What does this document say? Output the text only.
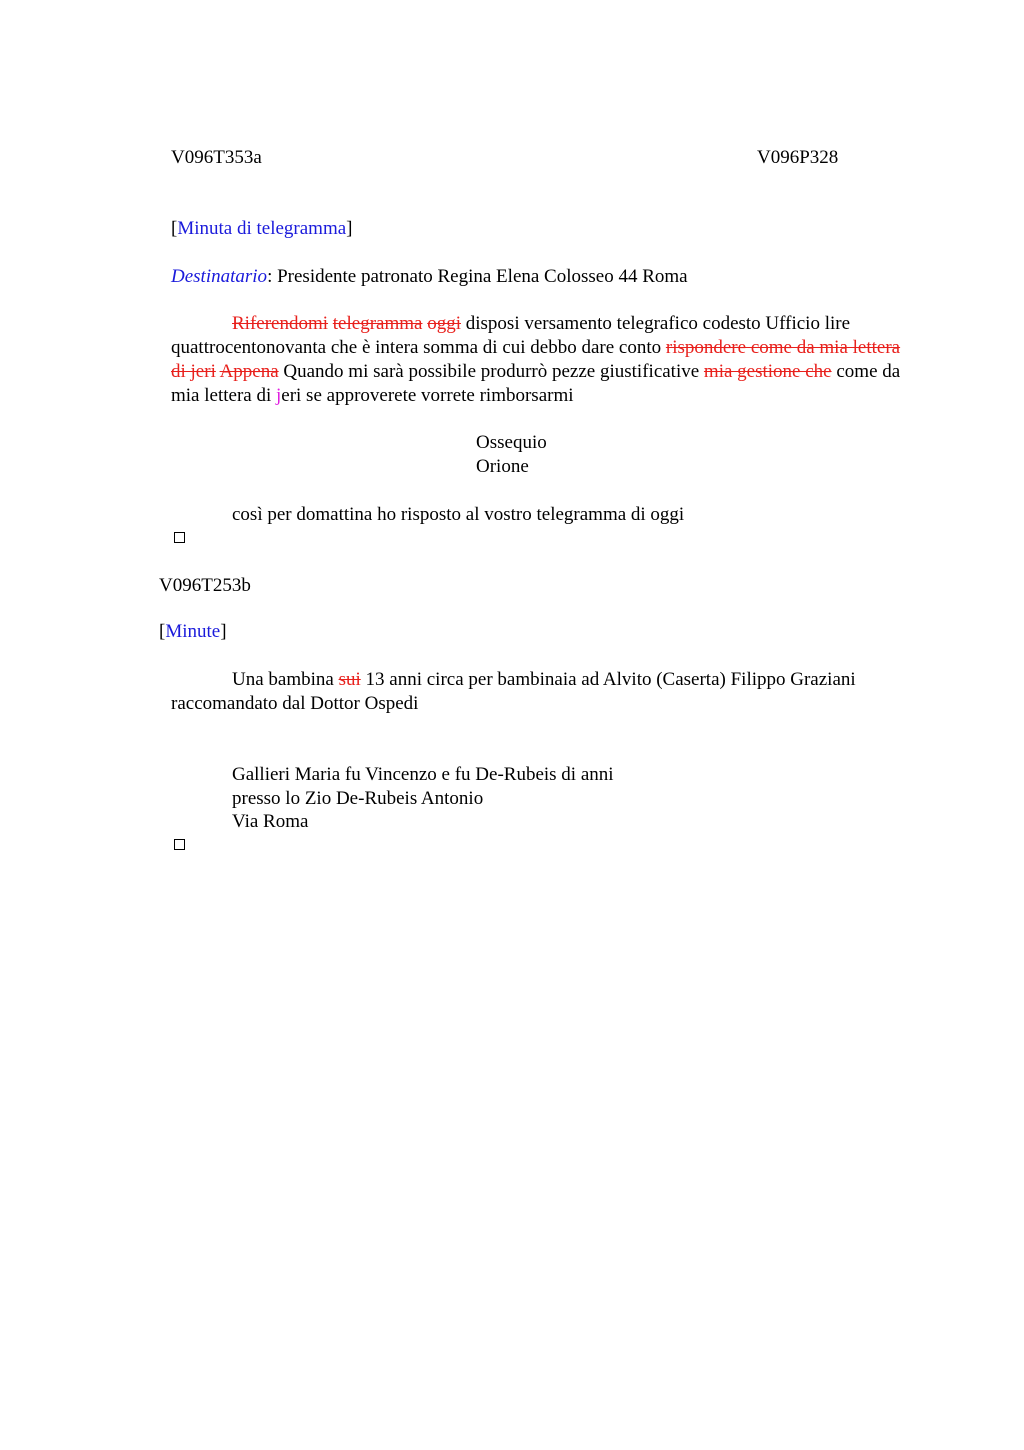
V096T353a	V096P328
[Minuta di telegramma]
Destinatario: Presidente patronato Regina Elena Colosseo 44 Roma
Riferendomi telegramma oggi disposi versamento telegrafico codesto Ufficio lire quattrocentonovanta che è intera somma di cui debbo dare conto rispondere come da mia lettera di jeri Appena Quando mi sarà possibile produrrò pezze giustificative mia gestione che come da mia lettera di jeri se approverete vorrete rimborsarmi
Ossequio
Orione
così per domattina ho risposto al vostro telegramma di oggi
V096T253b
[Minute]
Una bambina sui 13 anni circa per bambinaia ad Alvito (Caserta) Filippo Graziani raccomandato dal Dottor Ospedi
Gallieri Maria fu Vincenzo e fu De-Rubeis di anni
presso lo Zio De-Rubeis Antonio
Via Roma
